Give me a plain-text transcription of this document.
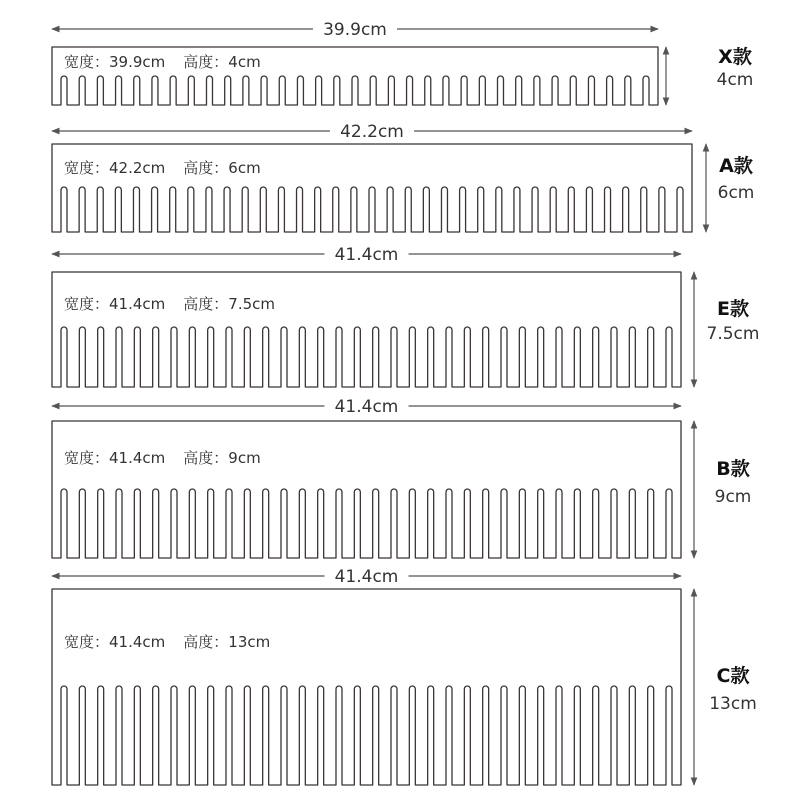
39.9cm
宽度：39.9cm 高度：4cm	X款
4cm
42.2cm
宽度：42.2cm 高度：6cm	A款
6cm
41.4cm
宽度：41.4cm 高度：7.5cm	E款
7.5cm
41.4cm
宽度：41.4cm 高度：9cm	B款
9cm
41.4cm
宽度：41.4cm 高度：13cm
C款
13cm
